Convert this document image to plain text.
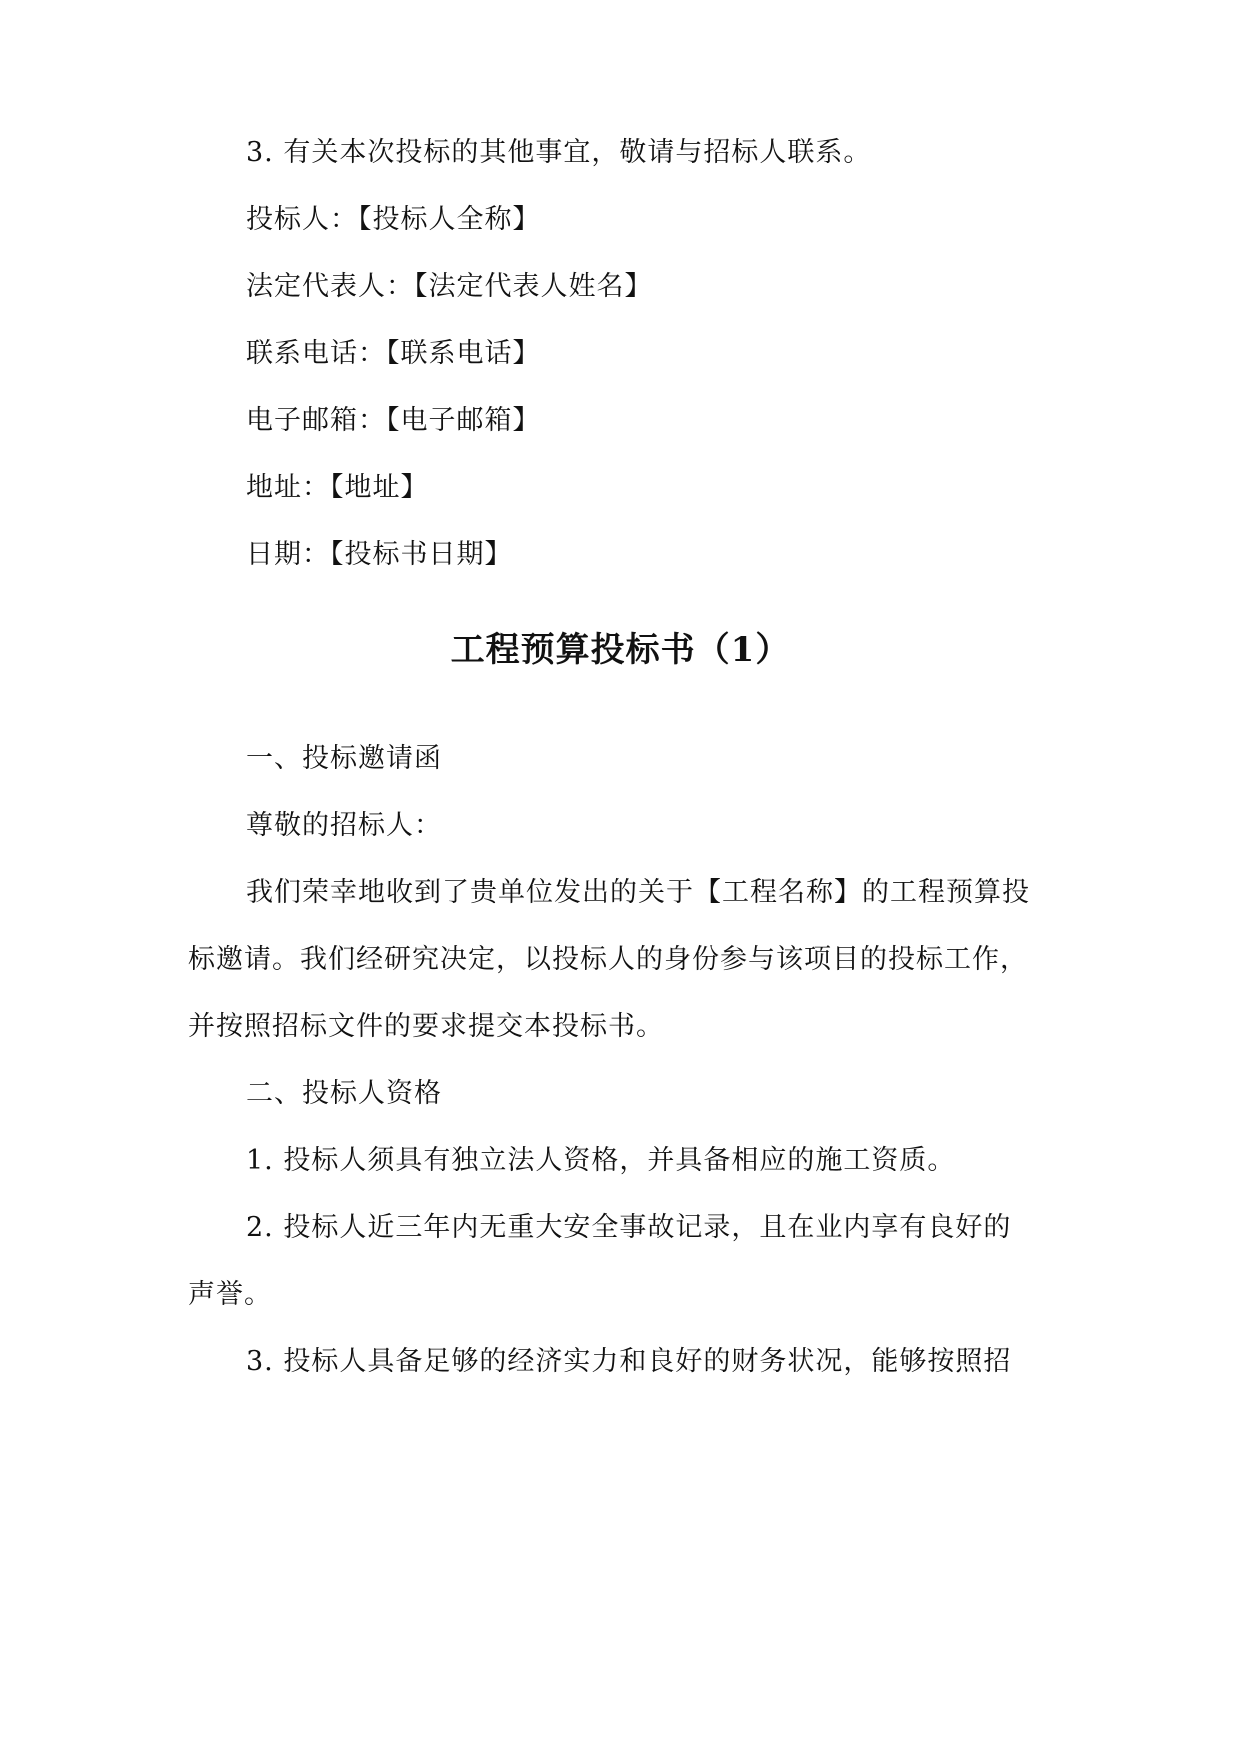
3. 有关本次投标的其他事宜，敬请与招标人联系。
投标人：【投标人全称】
法定代表人：【法定代表人姓名】
联系电话：【联系电话】
电子邮箱：【电子邮箱】
地址：【地址】
日期：【投标书日期】
工程预算投标书（1）
一、投标邀请函
尊敬的招标人：
我们荣幸地收到了贵单位发出的关于【工程名称】的工程预算投
标邀请。我们经研究决定，以投标人的身份参与该项目的投标工作，
并按照招标文件的要求提交本投标书。
二、投标人资格
1. 投标人须具有独立法人资格，并具备相应的施工资质。
2. 投标人近三年内无重大安全事故记录，且在业内享有良好的
声誉。
3. 投标人具备足够的经济实力和良好的财务状况，能够按照招
